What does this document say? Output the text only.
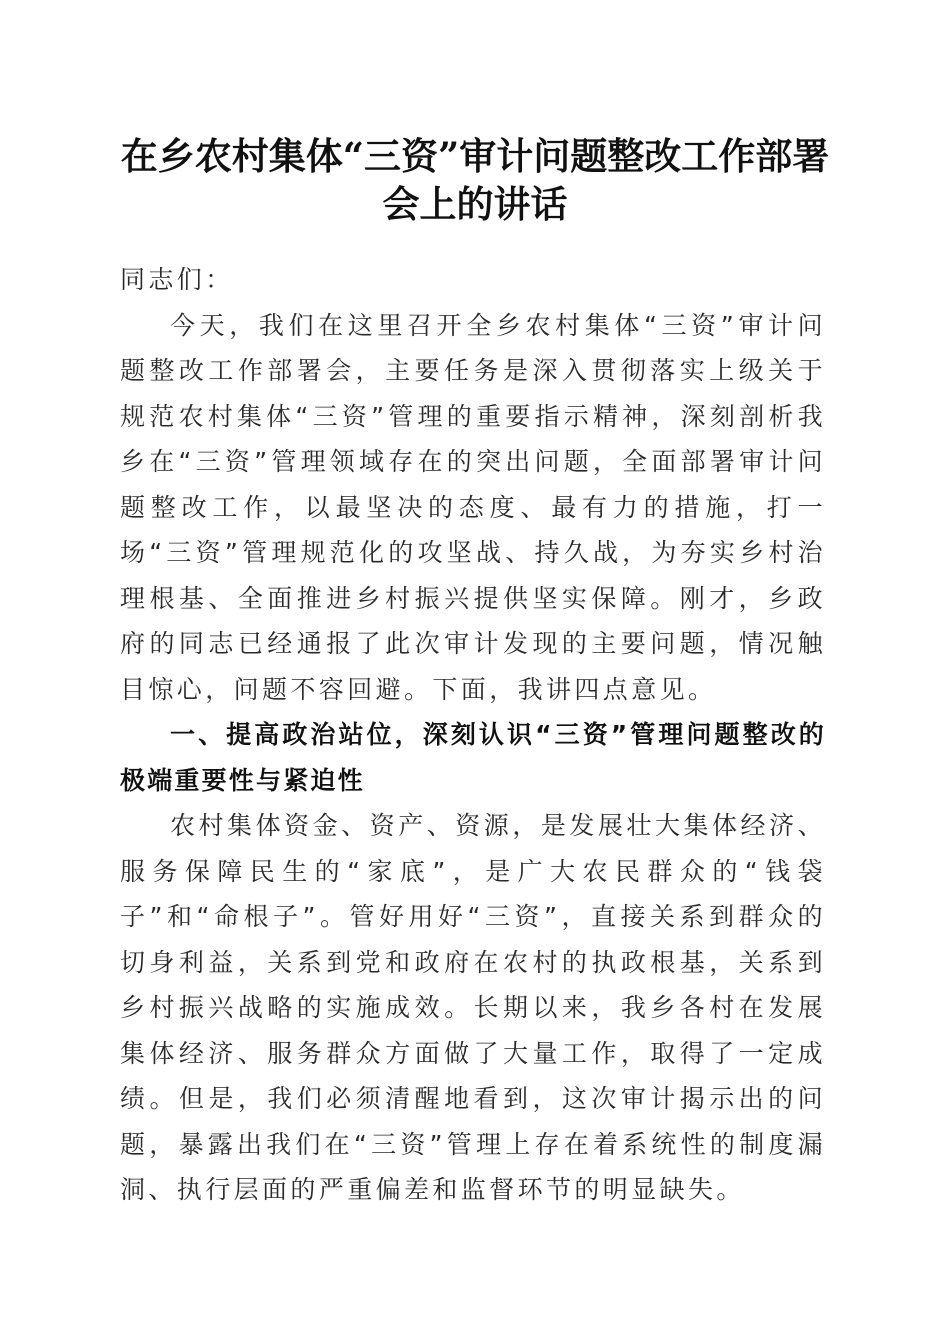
在乡农村集体“三资”审计问题整改工作部署
会上的讲话

同志们：

今天，我们在这里召开全乡农村集体“三资”审计问题整改工作部署会，主要任务是深入贯彻落实上级关于规范农村集体“三资”管理的重要指示精神，深刻剖析我乡在“三资”管理领域存在的突出问题，全面部署审计问题整改工作，以最坚决的态度、最有力的措施，打一场“三资”管理规范化的攻坚战、持久战，为夯实乡村治理根基、全面推进乡村振兴提供坚实保障。刚才，乡政府的同志已经通报了此次审计发现的主要问题，情况触目惊心，问题不容回避。下面，我讲四点意见。

一、提高政治站位，深刻认识“三资”管理问题整改的极端重要性与紧迫性

农村集体资金、资产、资源，是发展壮大集体经济、服务保障民生的“家底”，是广大农民群众的“钱袋子”和“命根子”。管好用好“三资”，直接关系到群众的切身利益，关系到党和政府在农村的执政根基，关系到乡村振兴战略的实施成效。长期以来，我乡各村在发展集体经济、服务群众方面做了大量工作，取得了一定成绩。但是，我们必须清醒地看到，这次审计揭示出的问题，暴露出我们在“三资”管理上存在着系统性的制度漏洞、执行层面的严重偏差和监督环节的明显缺失。
